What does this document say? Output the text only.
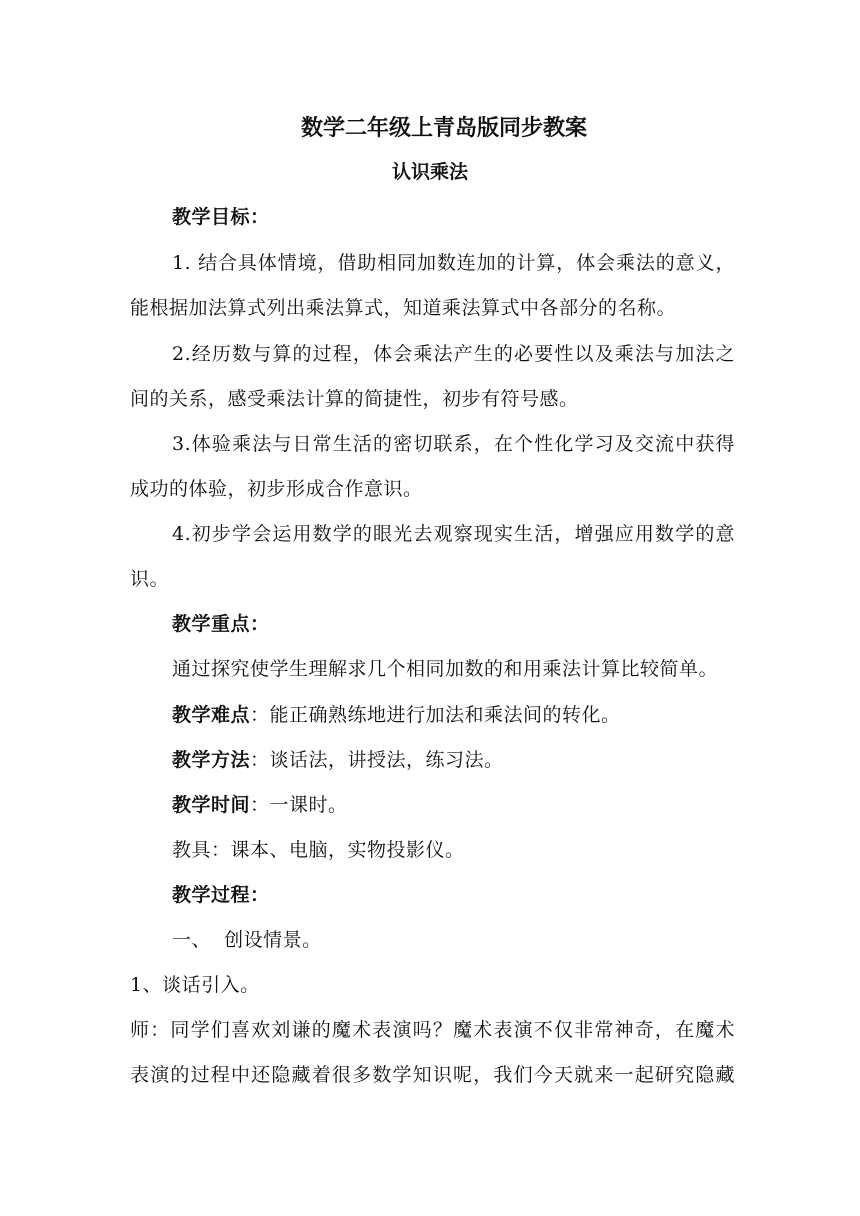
数学二年级上青岛版同步教案
认识乘法
教学目标：
1. 结合具体情境，借助相同加数连加的计算，体会乘法的意义，
能根据加法算式列出乘法算式，知道乘法算式中各部分的名称。
2.经历数与算的过程，体会乘法产生的必要性以及乘法与加法之
间的关系，感受乘法计算的简捷性，初步有符号感。
3.体验乘法与日常生活的密切联系，在个性化学习及交流中获得
成功的体验，初步形成合作意识。
4.初步学会运用数学的眼光去观察现实生活，增强应用数学的意
识。
教学重点：
通过探究使学生理解求几个相同加数的和用乘法计算比较简单。
教学难点：能正确熟练地进行加法和乘法间的转化。
教学方法：谈话法，讲授法，练习法。
教学时间：一课时。
教具：课本、电脑，实物投影仪。
教学过程：
一、  创设情景。
1、谈话引入。
师：同学们喜欢刘谦的魔术表演吗？魔术表演不仅非常神奇，在魔术
表演的过程中还隐藏着很多数学知识呢，我们今天就来一起研究隐藏
